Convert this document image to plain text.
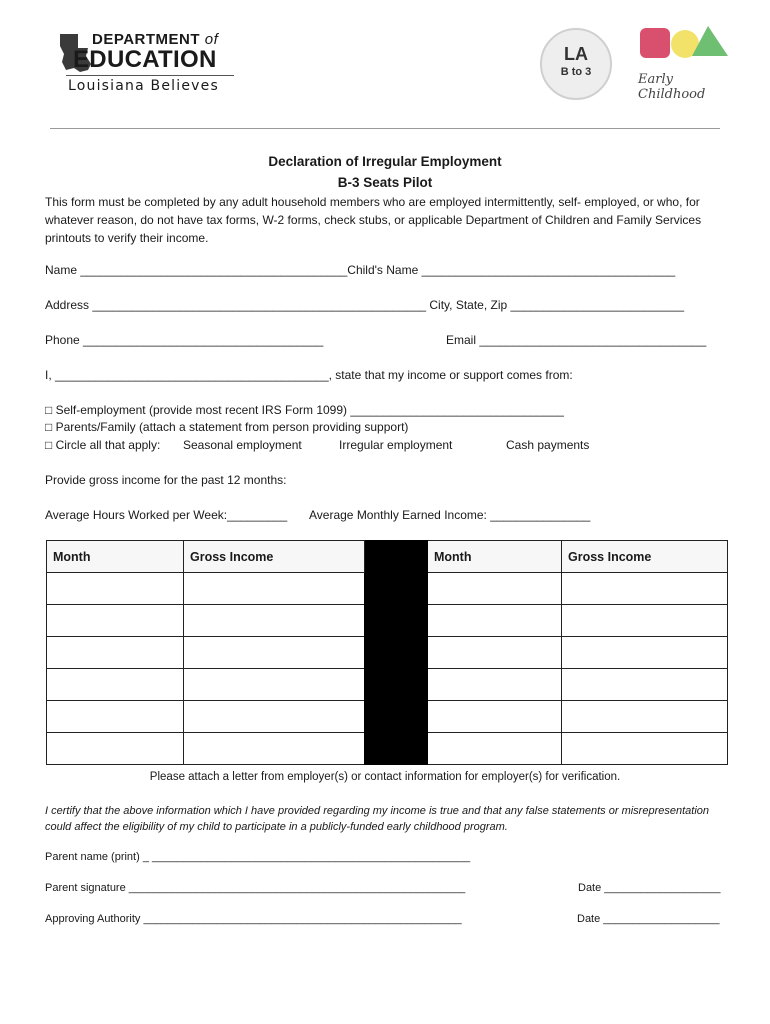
DEPARTMENT of
EDUCATION
Louisiana Believes
LA
B to 3	Early Childhood
Declaration of Irregular Employment
B-3 Seats Pilot
This form must be completed by any adult household members who are employed intermittently, self- employed, or who, for whatever reason, do not have tax forms, W-2 forms, check stubs, or applicable Department of Children and Family Services printouts to verify their income.
Name ________________________________________Child's Name ______________________________________
Address __________________________________________________ City, State, Zip __________________________
Phone ____________________________________	Email __________________________________
I, _________________________________________, state that my income or support comes from:
□ Self-employment (provide most recent IRS Form 1099) ________________________________
□ Parents/Family (attach a statement from person providing support)
□ Circle all that apply: Seasonal employment	Irregular employment	Cash payments
Provide gross income for the past 12 months:
Average Hours Worked per Week:_________ Average Monthly Earned Income: _______________
Month	Gross Income		Month	Gross Income

Please attach a letter from employer(s) or contact information for employer(s) for verification.
I certify that the above information which I have provided regarding my income is true and that any false statements or misrepresentation could affect the eligibility of my child to participate in a publicly-funded early childhood program.
Parent name (print) _ ____________________________________________________
Parent signature _______________________________________________________	Date ___________________
Approving Authority ____________________________________________________	Date ___________________
